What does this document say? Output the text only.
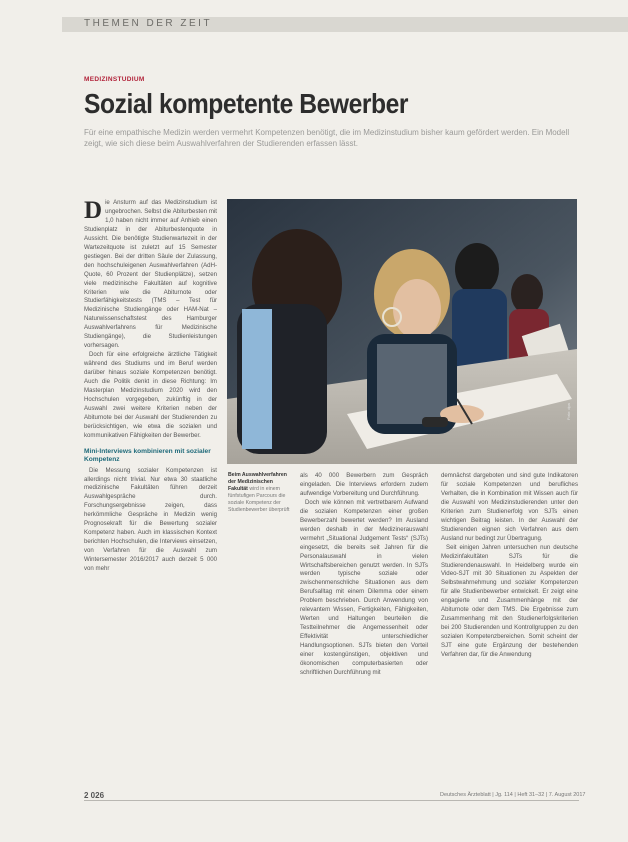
THEMEN DER ZEIT
MEDIZINSTUDIUM
Sozial kompetente Bewerber
Für eine empathische Medizin werden vermehrt Kompetenzen benötigt, die im Medizinstudium bisher kaum gefördert werden. Ein Modell zeigt, wie sich diese beim Auswahlverfahren der Studierenden erfassen lässt.

Die Ansturm auf das Medizinstudium ist ungebrochen. Selbst die Abiturbesten mit 1,0 haben nicht immer auf Anhieb einen Studienplatz in der Abiturbestenquote in Aussicht. Die benötigte Studienwartezeit in der Wartezeitquote ist zuletzt auf 15 Semester gestiegen. Bei der dritten Säule der Zulassung, den hochschuleigenen Auswahlverfahren (AdH-Quote, 60 Prozent der Studienplätze), setzen viele medizinische Fakultäten auf kognitive Kriterien wie die Abiturnote oder Studierfähigkeitstests (TMS – Test für Medizinische Studiengänge oder HAM-Nat – Naturwissenschaftstest des Hamburger Auswahlverfahrens für Medizinische Studiengänge), die Studienleistungen vorhersagen.

Doch für eine erfolgreiche ärztliche Tätigkeit während des Studiums und im Beruf werden darüber hinaus soziale Kompetenzen benötigt. Auch die Politik denkt in diese Richtung: Im Masterplan Medizinstudium 2020 wird den Hochschulen vorgegeben, zukünftig in der Auswahl zwei weitere Kriterien neben der Abiturnote bei der Auswahl der Studierenden zu berücksichtigen, wie etwa die sozialen und kommunikativen Fähigkeiten der Bewerber.

Mini-Interviews kombinieren mit sozialer Kompetenz

Die Messung sozialer Kompetenzen ist allerdings nicht trivial. Nur etwa 30 staatliche medizinische Fakultäten führen derzeit Auswahlgespräche durch. Forschungsergebnisse zeigen, dass herkömmliche Gespräche in Medizin wenig Prognosekraft für die Bewertung sozialer Kompetenz haben. Auch im klassischen Kontext berichten Hochschulen, die Interviews einsetzen, von Verfahren für die Auswahl zum Wintersemester 2016/2017 auch derzeit 5 000 von mehr

Foto: dpa
Beim Auswahlverfahren der Medizinischen Fakultät wird in einem fünfstufigen Parcours die soziale Kompetenz der Studienbewerber überprüft

als 40 000 Bewerbern zum Gespräch eingeladen. Die Interviews erfordern zudem aufwendige Vorbereitung und Durchführung.

Doch wie können mit vertretbarem Aufwand die sozialen Kompetenzen einer großen Bewerberzahl bewertet werden? Im Ausland werden deshalb in der Medizinerauswahl vermehrt „Situational Judgement Tests“ (SJTs) eingesetzt, die bereits seit Jahren für die Personalauswahl in vielen Wirtschaftsbereichen genutzt werden. In SJTs werden typische soziale oder zwischenmenschliche Situationen aus dem Berufsalltag mit einem Dilemma oder einem Problem beschrieben. Durch Anwendung von relevantem Wissen, Fertigkeiten, Fähigkeiten, Werten und Haltungen beurteilen die Testteilnehmer die Angemessenheit oder Effektivität unterschiedlicher Handlungsoptionen. SJTs bieten den Vorteil einer kostengünstigen, objektiven und ökonomischen computerbasierten oder schriftlichen Durchführung mit

demnächst dargeboten und sind gute Indikatoren für soziale Kompetenzen und berufliches Verhalten, die in Kombination mit Wissen auch für die Auswahl von Medizinstudierenden unter den Kriterien zum Studienerfolg von SJTs einen wichtigen Beitrag leisten. In der Auswahl der Studierenden eignen sich Verfahren aus dem Ausland nur bedingt zur Übertragung.

Seit einigen Jahren untersuchen nun deutsche Medizinfakultäten SJTs für die Studierendenauswahl. In Heidelberg wurde ein Video-SJT mit 30 Situationen zu Aspekten der Selbstwahrnehmung und sozialer Kompetenzen für alle Studienbewerber entwickelt. Er zeigt eine engagierte und Zusammenhänge mit der Abiturnote oder dem TMS. Die Ergebnisse zum Zusammenhang mit den Studienerfolgskriterien bei 200 Studierenden und Kontrollgruppen zu den sozialen Kompetenzbereichen. Somit scheint der SJT eine gute Ergänzung der bestehenden Verfahren dar, für die Anwendung

2 026	Deutsches Ärzteblatt | Jg. 114 | Heft 31–32 | 7. August 2017
